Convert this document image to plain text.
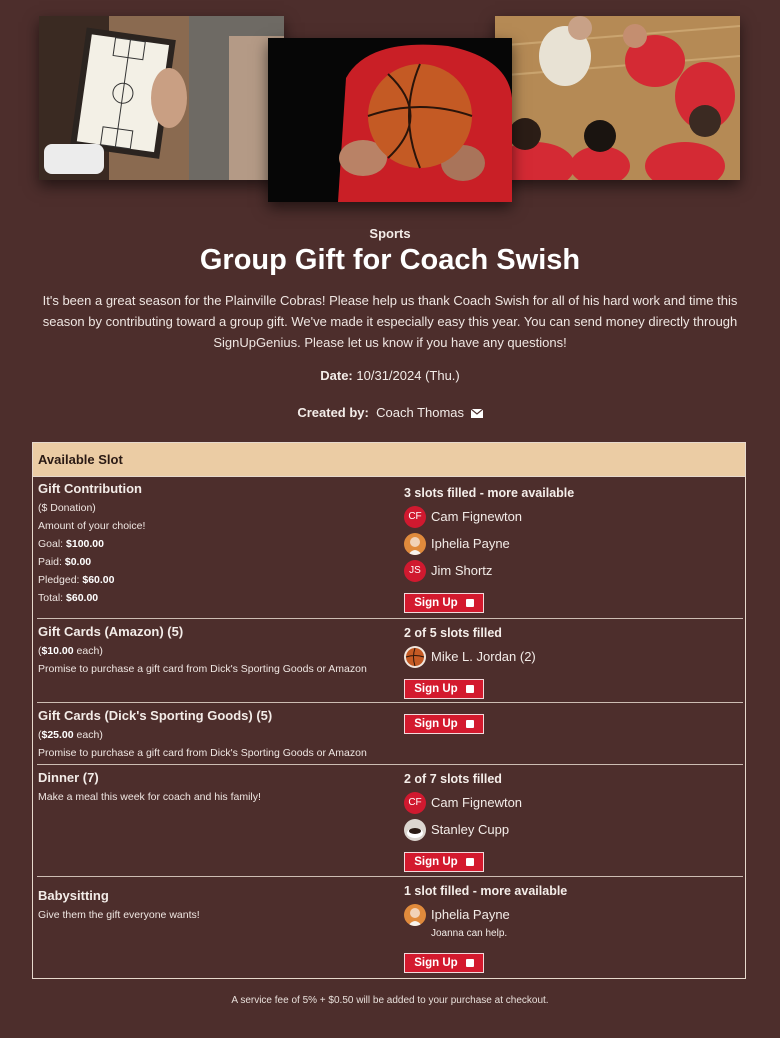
Sports
Group Gift for Coach Swish
It's been a great season for the Plainville Cobras! Please help us thank Coach Swish for all of his hard work and time this season by contributing toward a group gift. We've made it especially easy this year. You can send money directly through SignUpGenius. Please let us know if you have any questions!
Date: 10/31/2024 (Thu.)
Created by: Coach Thomas
Available Slot
Gift Contribution
($ Donation)
Amount of your choice!
Goal: $100.00
Paid: $0.00
Pledged: $60.00
Total: $60.00
3 slots filled - more available
CF Cam Fignewton
Iphelia Payne
JS Jim Shortz
Sign Up
Gift Cards (Amazon) (5)
($10.00 each)
Promise to purchase a gift card from Dick's Sporting Goods or Amazon
2 of 5 slots filled
Mike L. Jordan (2)
Sign Up
Gift Cards (Dick's Sporting Goods) (5)
($25.00 each)
Promise to purchase a gift card from Dick's Sporting Goods or Amazon
Sign Up
Dinner (7)
Make a meal this week for coach and his family!
2 of 7 slots filled
CF Cam Fignewton
Stanley Cupp
Sign Up
Babysitting
Give them the gift everyone wants!
1 slot filled - more available
Iphelia Payne
Joanna can help.
Sign Up
A service fee of 5% + $0.50 will be added to your purchase at checkout.
